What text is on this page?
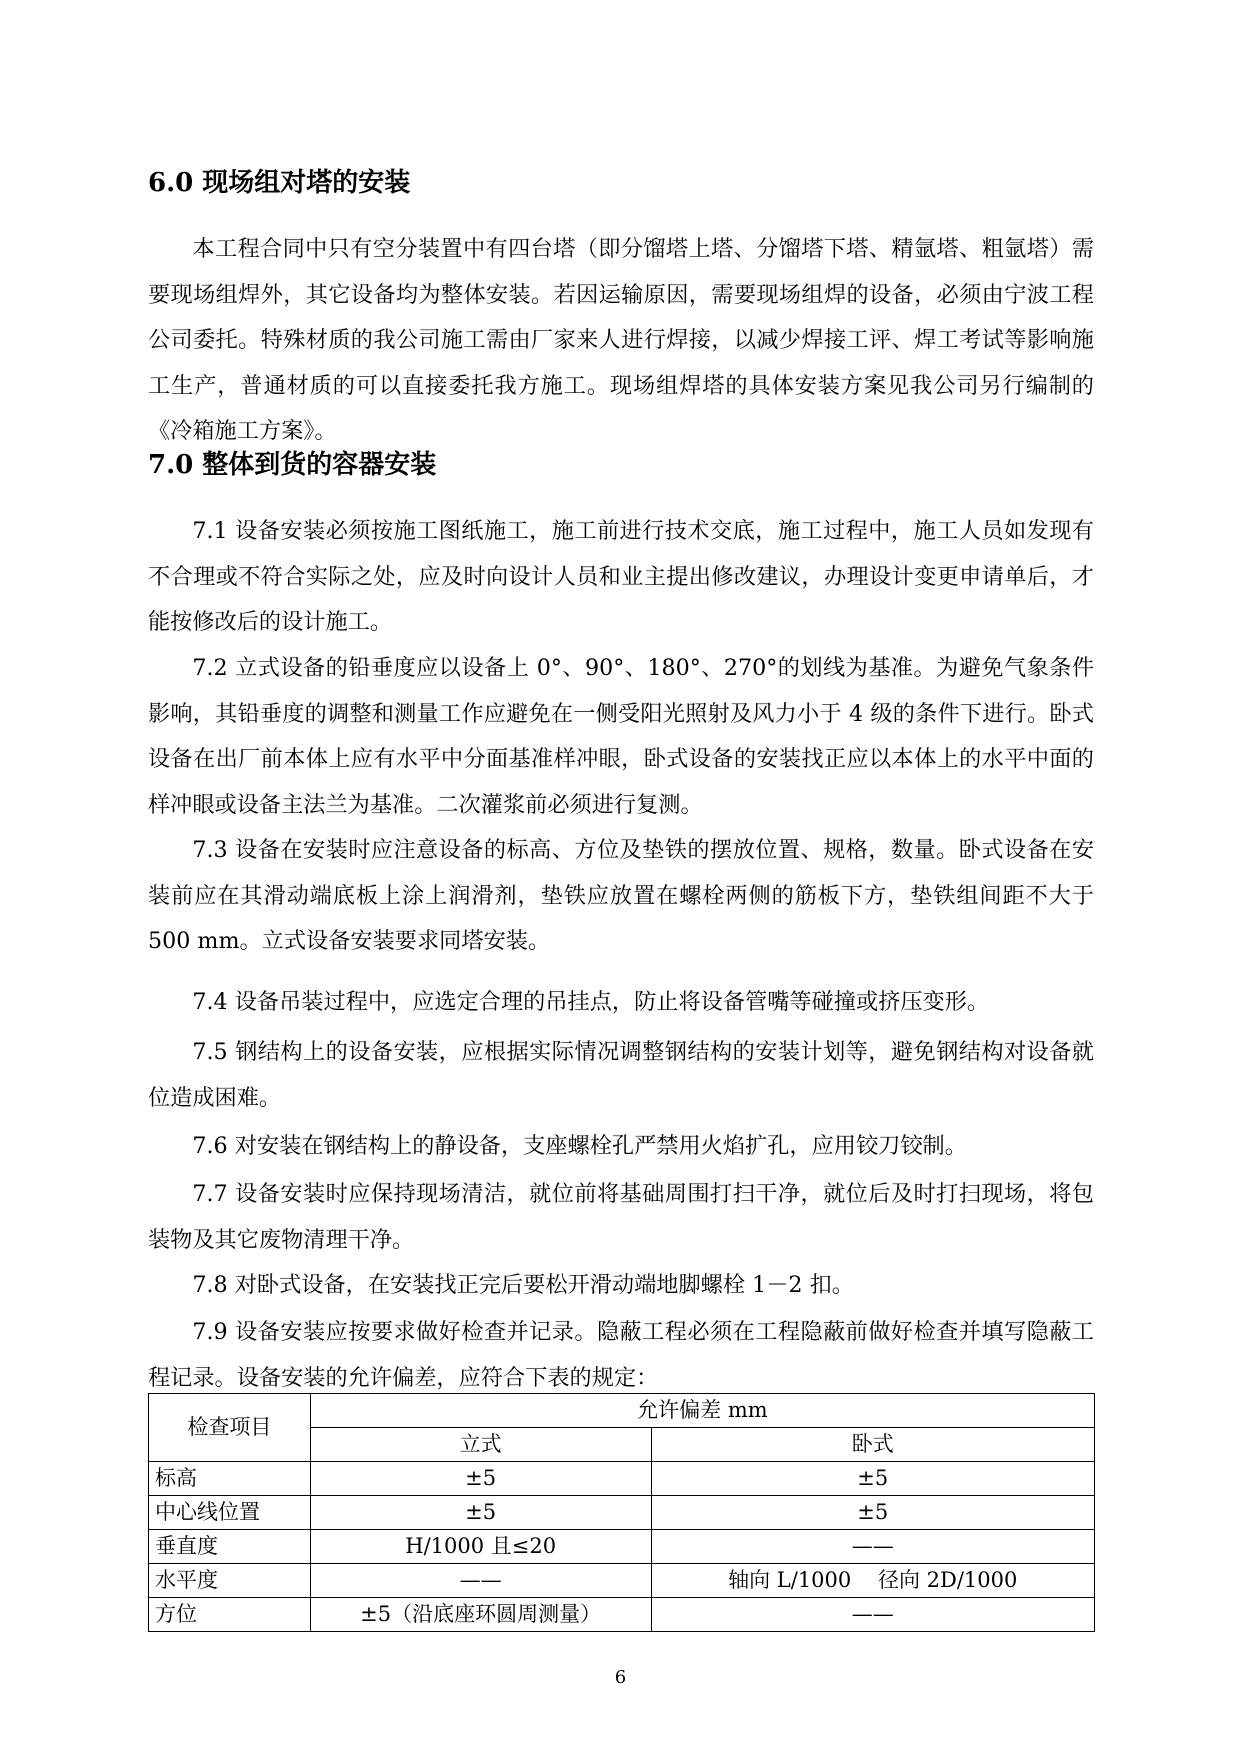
6.0 现场组对塔的安装

本工程合同中只有空分装置中有四台塔（即分馏塔上塔、分馏塔下塔、精氩塔、粗氩塔）需要现场组焊外，其它设备均为整体安装。若因运输原因，需要现场组焊的设备，必须由宁波工程公司委托。特殊材质的我公司施工需由厂家来人进行焊接，以减少焊接工评、焊工考试等影响施工生产，普通材质的可以直接委托我方施工。现场组焊塔的具体安装方案见我公司另行编制的《冷箱施工方案》。

7.0 整体到货的容器安装

7.1 设备安装必须按施工图纸施工，施工前进行技术交底，施工过程中，施工人员如发现有不合理或不符合实际之处，应及时向设计人员和业主提出修改建议，办理设计变更申请单后，才能按修改后的设计施工。

7.2 立式设备的铅垂度应以设备上 0°、90°、180°、270°的划线为基准。为避免气象条件影响，其铅垂度的调整和测量工作应避免在一侧受阳光照射及风力小于 4 级的条件下进行。卧式设备在出厂前本体上应有水平中分面基准样冲眼，卧式设备的安装找正应以本体上的水平中面的样冲眼或设备主法兰为基准。二次灌浆前必须进行复测。

7.3 设备在安装时应注意设备的标高、方位及垫铁的摆放位置、规格，数量。卧式设备在安装前应在其滑动端底板上涂上润滑剂，垫铁应放置在螺栓两侧的筋板下方，垫铁组间距不大于 500 mm。立式设备安装要求同塔安装。

7.4 设备吊装过程中，应选定合理的吊挂点，防止将设备管嘴等碰撞或挤压变形。

7.5 钢结构上的设备安装，应根据实际情况调整钢结构的安装计划等，避免钢结构对设备就位造成困难。

7.6 对安装在钢结构上的静设备，支座螺栓孔严禁用火焰扩孔，应用铰刀铰制。

7.7 设备安装时应保持现场清洁，就位前将基础周围打扫干净，就位后及时打扫现场，将包装物及其它废物清理干净。

7.8 对卧式设备，在安装找正完后要松开滑动端地脚螺栓 1－2 扣。

7.9 设备安装应按要求做好检查并记录。隐蔽工程必须在工程隐蔽前做好检查并填写隐蔽工程记录。设备安装的允许偏差，应符合下表的规定：

检查项目	允许偏差 mm	
	立式	卧式
标高	±5	±5
中心线位置	±5	±5
垂直度	H/1000 且≤20	——
水平度	——	轴向 L/1000    径向 2D/1000
方位	±5（沿底座环圆周测量）	——
6
